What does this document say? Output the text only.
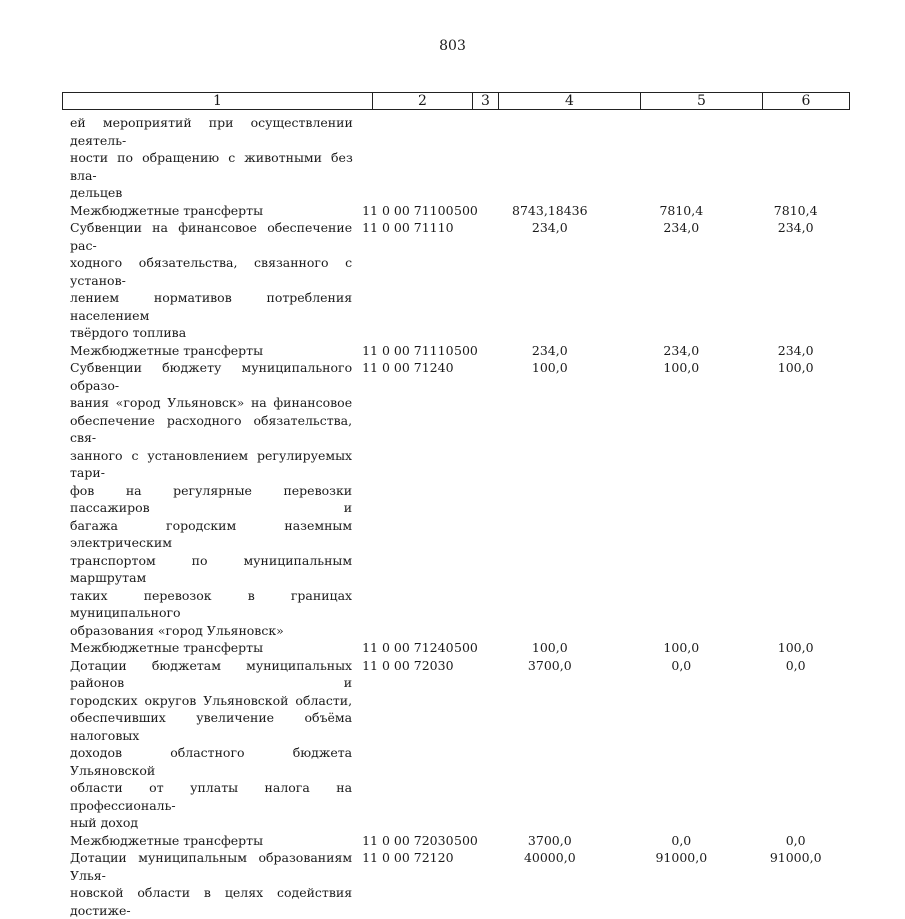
803
1	2	3	4	5	6
ей мероприятий при осуществлении деятель-
ности по обращению с животными без вла-
дельцев
Межбюджетные трансферты	11 0 00 71100 500	8743,18436	7810,4	7810,4
Субвенции на финансовое обеспечение рас-
ходного обязательства, связанного с установ-
лением нормативов потребления населением
твёрдого топлива
11 0 00 71110	234,0	234,0	234,0
Межбюджетные трансферты	11 0 00 71110 500	234,0	234,0	234,0
Субвенции бюджету муниципального образо-
вания «город Ульяновск» на финансовое
обеспечение расходного обязательства, свя-
занного с установлением регулируемых тари-
фов на регулярные перевозки пассажиров и
багажа городским наземным электрическим
транспортом по муниципальным маршрутам
таких перевозок в границах муниципального
образования «город Ульяновск»
11 0 00 71240	100,0	100,0	100,0
Межбюджетные трансферты	11 0 00 71240 500	100,0	100,0	100,0
Дотации бюджетам муниципальных районов и
городских округов Ульяновской области,
обеспечивших увеличение объёма налоговых
доходов областного бюджета Ульяновской
области от уплаты налога на профессиональ-
ный доход
11 0 00 72030	3700,0	0,0	0,0
Межбюджетные трансферты	11 0 00 72030 500	3700,0	0,0	0,0
Дотации муниципальным образованиям Улья-
новской области в целях содействия достиже-
11 0 00 72120	40000,0	91000,0	91000,0
